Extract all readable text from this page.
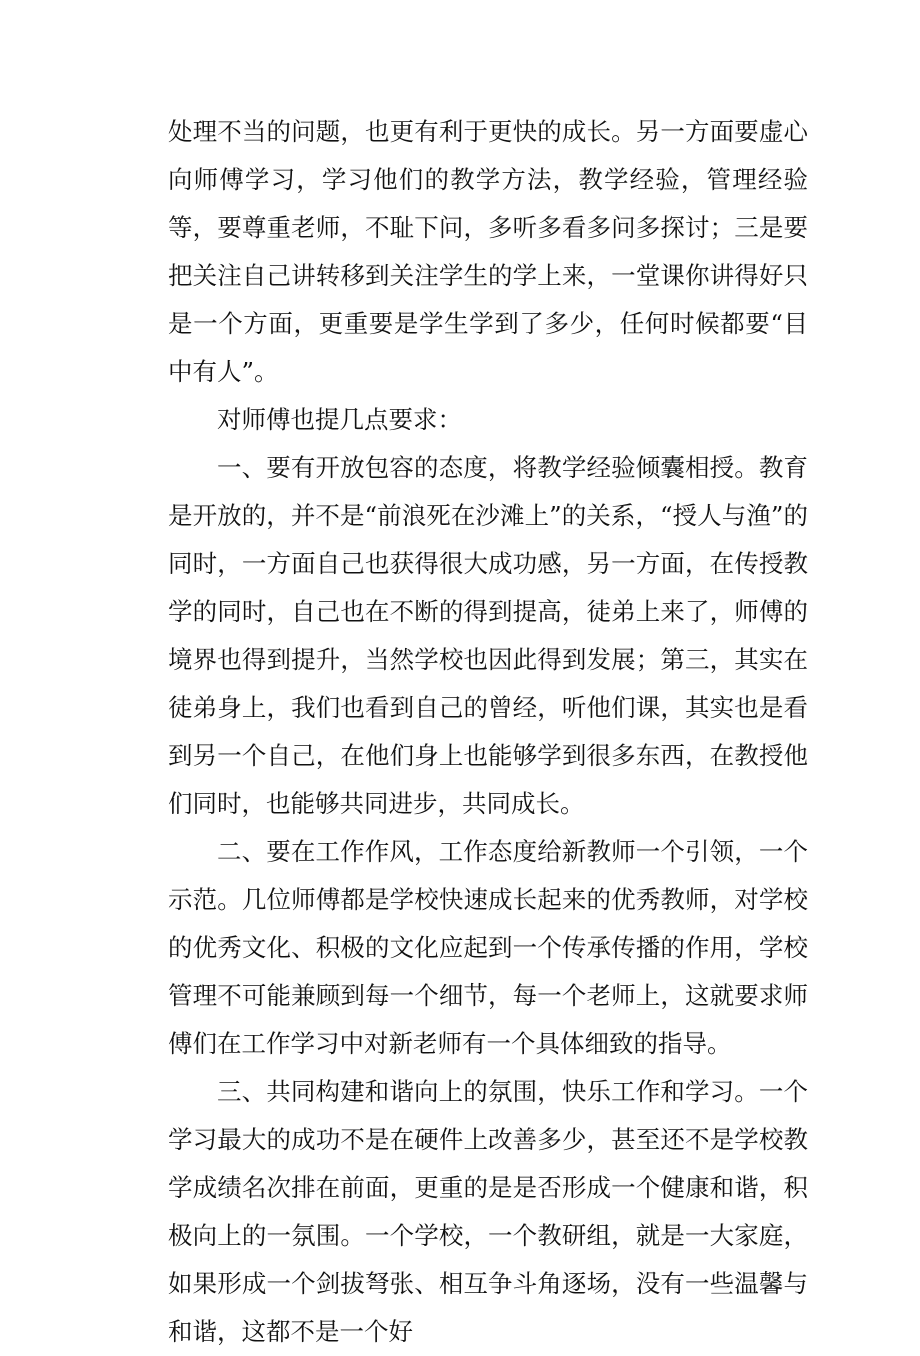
处理不当的问题，也更有利于更快的成长。另一方面要虚心向师傅学习，学习他们的教学方法，教学经验，管理经验等，要尊重老师，不耻下问，多听多看多问多探讨；三是要把关注自己讲转移到关注学生的学上来，一堂课你讲得好只是一个方面，更重要是学生学到了多少，任何时候都要“目中有人”。

对师傅也提几点要求：

一、要有开放包容的态度，将教学经验倾囊相授。教育是开放的，并不是“前浪死在沙滩上”的关系，“授人与渔”的同时，一方面自己也获得很大成功感，另一方面，在传授教学的同时，自己也在不断的得到提高，徒弟上来了，师傅的境界也得到提升，当然学校也因此得到发展；第三，其实在徒弟身上，我们也看到自己的曾经，听他们课，其实也是看到另一个自己，在他们身上也能够学到很多东西，在教授他们同时，也能够共同进步，共同成长。

二、要在工作作风，工作态度给新教师一个引领，一个示范。几位师傅都是学校快速成长起来的优秀教师，对学校的优秀文化、积极的文化应起到一个传承传播的作用，学校管理不可能兼顾到每一个细节，每一个老师上，这就要求师傅们在工作学习中对新老师有一个具体细致的指导。

三、共同构建和谐向上的氛围，快乐工作和学习。一个学习最大的成功不是在硬件上改善多少，甚至还不是学校教学成绩名次排在前面，更重的是是否形成一个健康和谐，积极向上的一氛围。一个学校，一个教研组，就是一大家庭，如果形成一个剑拔弩张、相互争斗角逐场，没有一些温馨与和谐，这都不是一个好
